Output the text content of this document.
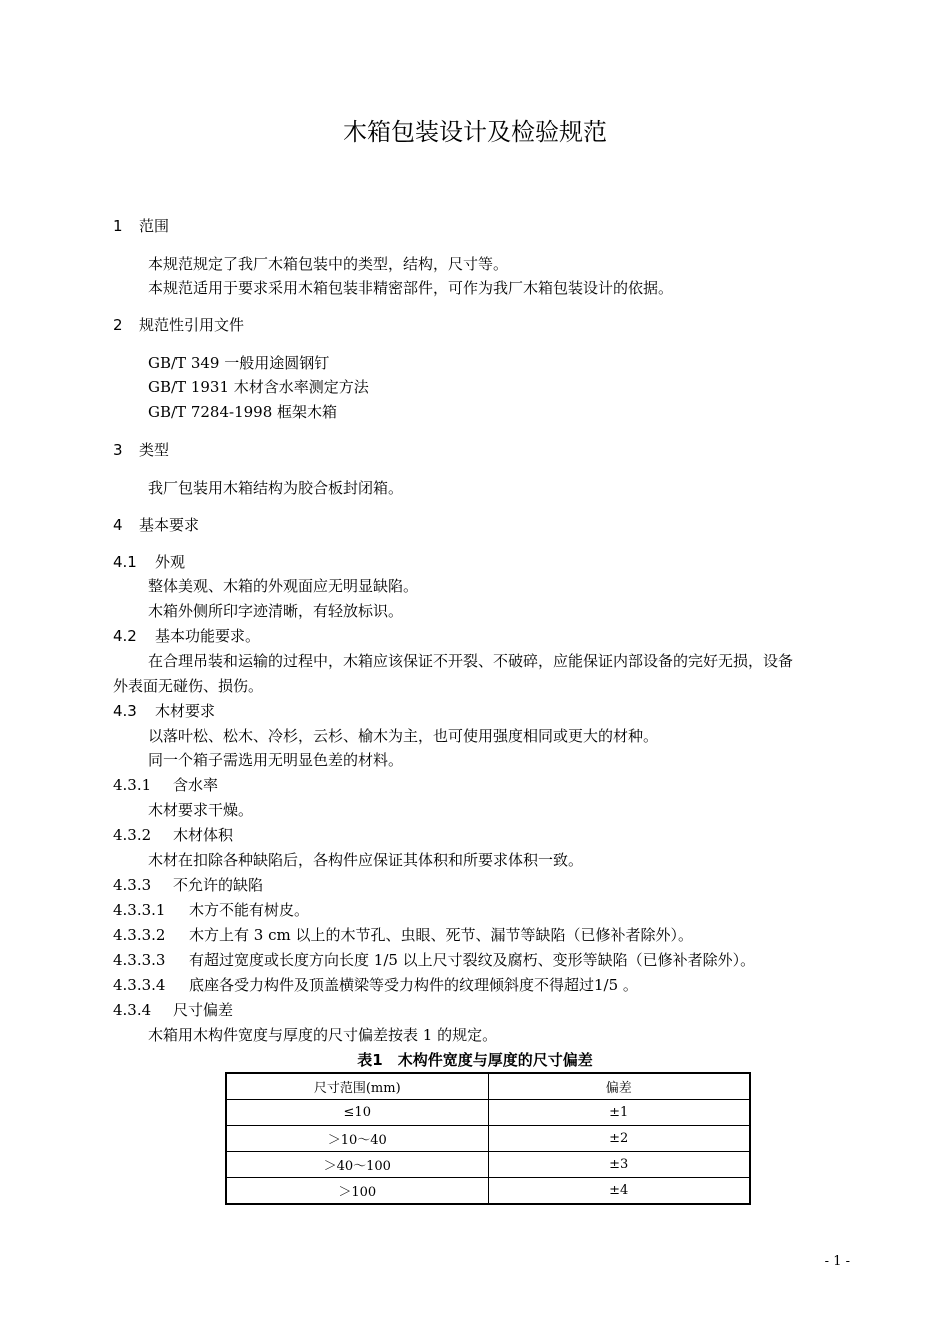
木箱包装设计及检验规范
1 范围
本规范规定了我厂木箱包装中的类型，结构，尺寸等。
本规范适用于要求采用木箱包装非精密部件，可作为我厂木箱包装设计的依据。
2 规范性引用文件
GB/T 349 一般用途圆钢钉
GB/T 1931 木材含水率测定方法
GB/T 7284-1998 框架木箱
3 类型
我厂包装用木箱结构为胶合板封闭箱。
4 基本要求
4.1 外观
整体美观、木箱的外观面应无明显缺陷。
木箱外侧所印字迹清晰，有轻放标识。
4.2 基本功能要求。
在合理吊装和运输的过程中，木箱应该保证不开裂、不破碎，应能保证内部设备的完好无损，设备
外表面无碰伤、损伤。
4.3 木材要求
以落叶松、松木、冷杉，云杉、榆木为主，也可使用强度相同或更大的材种。
同一个箱子需选用无明显色差的材料。
4.3.1 含水率
木材要求干燥。
4.3.2 木材体积
木材在扣除各种缺陷后，各构件应保证其体积和所要求体积一致。
4.3.3 不允许的缺陷
4.3.3.1 木方不能有树皮。
4.3.3.2 木方上有 3 cm 以上的木节孔、虫眼、死节、漏节等缺陷（已修补者除外）。
4.3.3.3 有超过宽度或长度方向长度 1/5 以上尺寸裂纹及腐朽、变形等缺陷（已修补者除外）。
4.3.3.4 底座各受力构件及顶盖横梁等受力构件的纹理倾斜度不得超过1/5 。
4.3.4 尺寸偏差
木箱用木构件宽度与厚度的尺寸偏差按表 1 的规定。
表1　木构件宽度与厚度的尺寸偏差
尺寸范围(mm)	偏差
≤10	±1
＞10～40	±2
＞40～100	±3
＞100	±4
- 1 -
